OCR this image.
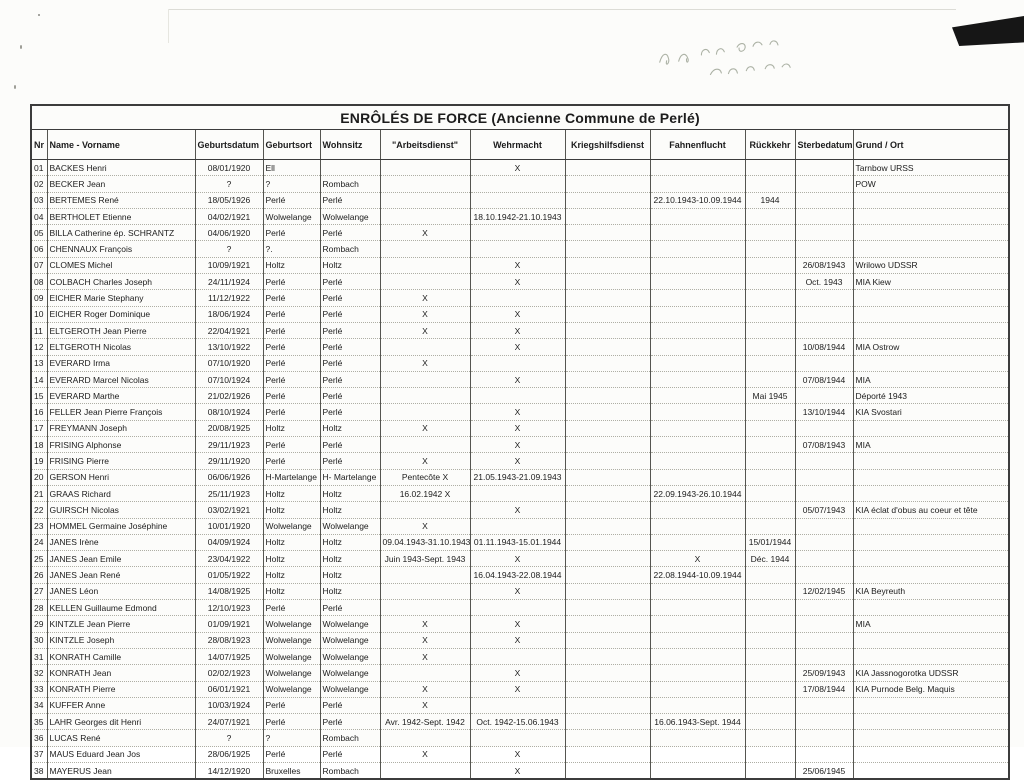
ENRÔLÉS DE FORCE (Ancienne Commune de Perlé)											
Nr	Name - Vorname	Geburtsdatum	Geburtsort	Wohnsitz	"Arbeitsdienst"	Wehrmacht	Kriegshilfsdienst	Fahnenflucht	Rückkehr	Sterbedatum	Grund / Ort
01	BACKES Henri	08/01/1920	Ell			X					Tarnbow URSS
02	BECKER Jean	?	?	Rombach							POW
03	BERTEMES René	18/05/1926	Perlé	Perlé				22.10.1943-10.09.1944	1944		
04	BERTHOLET Etienne	04/02/1921	Wolwelange	Wolwelange		18.10.1942-21.10.1943					
05	BILLA Catherine ép. SCHRANTZ	04/06/1920	Perlé	Perlé	X						
06	CHENNAUX François	?	?.	Rombach							
07	CLOMES Michel	10/09/1921	Holtz	Holtz		X				26/08/1943	Wrilowo UDSSR
08	COLBACH Charles Joseph	24/11/1924	Perlé	Perlé		X				Oct. 1943	MIA Kiew
09	EICHER Marie Stephany	11/12/1922	Perlé	Perlé	X						
10	EICHER Roger Dominique	18/06/1924	Perlé	Perlé	X	X					
11	ELTGEROTH Jean Pierre	22/04/1921	Perlé	Perlé	X	X					
12	ELTGEROTH Nicolas	13/10/1922	Perlé	Perlé		X				10/08/1944	MIA Ostrow
13	EVERARD Irma	07/10/1920	Perlé	Perlé	X						
14	EVERARD Marcel Nicolas	07/10/1924	Perlé	Perlé		X				07/08/1944	MIA
15	EVERARD Marthe	21/02/1926	Perlé	Perlé					Mai 1945		Déporté 1943
16	FELLER Jean Pierre François	08/10/1924	Perlé	Perlé		X				13/10/1944	KIA Svostari
17	FREYMANN Joseph	20/08/1925	Holtz	Holtz	X	X					
18	FRISING Alphonse	29/11/1923	Perlé	Perlé		X				07/08/1943	MIA
19	FRISING Pierre	29/11/1920	Perlé	Perlé	X	X					
20	GERSON Henri	06/06/1926	H-Martelange	H- Martelange	Pentecôte X	21.05.1943-21.09.1943					
21	GRAAS Richard	25/11/1923	Holtz	Holtz	16.02.1942 X			22.09.1943-26.10.1944			
22	GUIRSCH Nicolas	03/02/1921	Holtz	Holtz		X				05/07/1943	KIA éclat d'obus au coeur et tête
23	HOMMEL Germaine Joséphine	10/01/1920	Wolwelange	Wolwelange	X						
24	JANES Irène	04/09/1924	Holtz	Holtz	09.04.1943-31.10.1943	01.11.1943-15.01.1944			15/01/1944		
25	JANES Jean Emile	23/04/1922	Holtz	Holtz	Juin 1943-Sept. 1943	X		X	Déc. 1944		
26	JANES Jean René	01/05/1922	Holtz	Holtz		16.04.1943-22.08.1944		22.08.1944-10.09.1944			
27	JANES Léon	14/08/1925	Holtz	Holtz		X				12/02/1945	KIA Beyreuth
28	KELLEN Guillaume Edmond	12/10/1923	Perlé	Perlé							
29	KINTZLE Jean Pierre	01/09/1921	Wolwelange	Wolwelange	X	X					MIA
30	KINTZLE Joseph	28/08/1923	Wolwelange	Wolwelange	X	X					
31	KONRATH Camille	14/07/1925	Wolwelange	Wolwelange	X						
32	KONRATH Jean	02/02/1923	Wolwelange	Wolwelange		X				25/09/1943	KIA Jassnogorotka UDSSR
33	KONRATH Pierre	06/01/1921	Wolwelange	Wolwelange	X	X				17/08/1944	KIA Purnode Belg. Maquis
34	KUFFER Anne	10/03/1924	Perlé	Perlé	X						
35	LAHR Georges dit Henri	24/07/1921	Perlé	Perlé	Avr. 1942-Sept. 1942	Oct. 1942-15.06.1943		16.06.1943-Sept. 1944			
36	LUCAS René	?	?	Rombach							
37	MAUS Eduard Jean Jos	28/06/1925	Perlé	Perlé	X	X					
38	MAYERUS Jean	14/12/1920	Bruxelles	Rombach		X				25/06/1945	
